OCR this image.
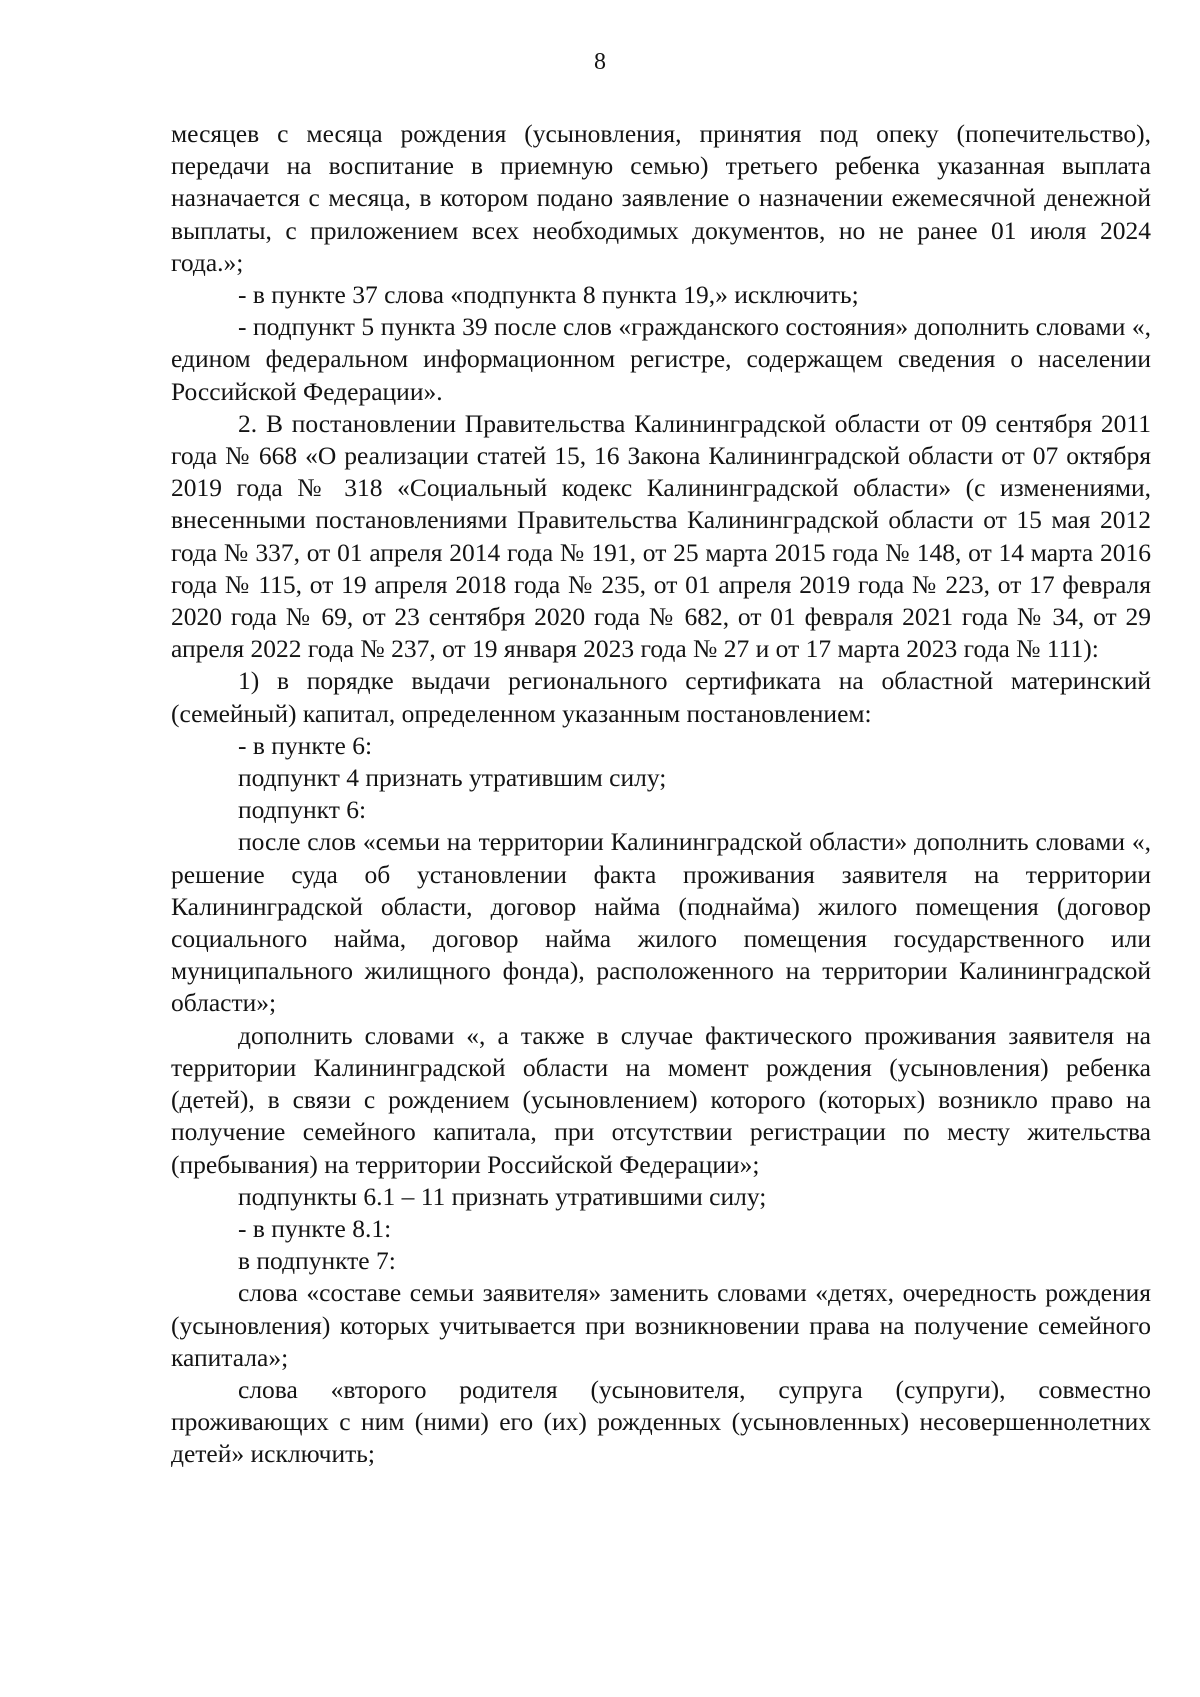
8

месяцев с месяца рождения (усыновления, принятия под опеку (попечительство), передачи на воспитание в приемную семью) третьего ребенка указанная выплата назначается с месяца, в котором подано заявление о назначении ежемесячной денежной выплаты, с приложением всех необходимых документов, но не ранее 01 июля 2024 года.»;

- в пункте 37 слова «подпункта 8 пункта 19,» исключить;

- подпункт 5 пункта 39 после слов «гражданского состояния» дополнить словами «, едином федеральном информационном регистре, содержащем сведения о населении Российской Федерации».

2. В постановлении Правительства Калининградской области от 09 сентября 2011 года № 668 «О реализации статей 15, 16 Закона Калининградской области от 07 октября 2019 года № 318 «Социальный кодекс Калининградской области» (с изменениями, внесенными постановлениями Правительства Калининградской области от 15 мая 2012 года № 337, от 01 апреля 2014 года № 191, от 25 марта 2015 года № 148, от 14 марта 2016 года № 115, от 19 апреля 2018 года № 235, от 01 апреля 2019 года № 223, от 17 февраля 2020 года № 69, от 23 сентября 2020 года № 682, от 01 февраля 2021 года № 34, от 29 апреля 2022 года № 237, от 19 января 2023 года № 27 и от 17 марта 2023 года № 111):

1) в порядке выдачи регионального сертификата на областной материнский (семейный) капитал, определенном указанным постановлением:

- в пункте 6:

подпункт 4 признать утратившим силу;

подпункт 6:

после слов «семьи на территории Калининградской области» дополнить словами «, решение суда об установлении факта проживания заявителя на территории Калининградской области, договор найма (поднайма) жилого помещения (договор социального найма, договор найма жилого помещения государственного или муниципального жилищного фонда), расположенного на территории Калининградской области»;

дополнить словами «, а также в случае фактического проживания заявителя на территории Калининградской области на момент рождения (усыновления) ребенка (детей), в связи с рождением (усыновлением) которого (которых) возникло право на получение семейного капитала, при отсутствии регистрации по месту жительства (пребывания) на территории Российской Федерации»;

подпункты 6.1 – 11 признать утратившими силу;

- в пункте 8.1:

в подпункте 7:

слова «составе семьи заявителя» заменить словами «детях, очередность рождения (усыновления) которых учитывается при возникновении права на получение семейного капитала»;

слова «второго родителя (усыновителя, супруга (супруги), совместно проживающих с ним (ними) его (их) рожденных (усыновленных) несовершеннолетних детей» исключить;
